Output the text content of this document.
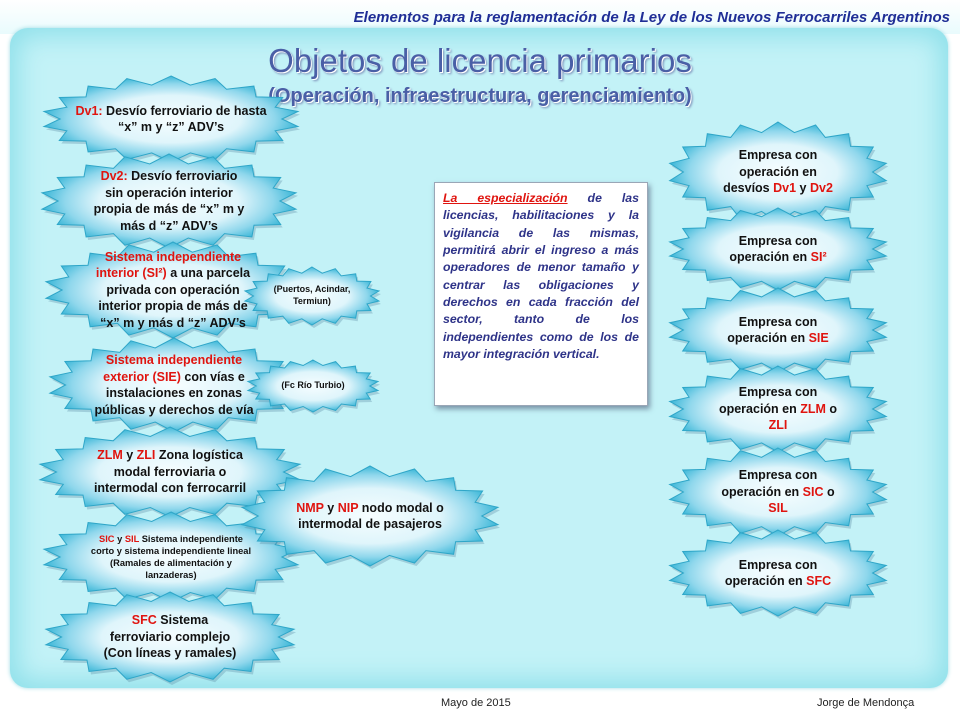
Elementos para la reglamentación de la Ley de los Nuevos Ferrocarriles Argentinos
Objetos de licencia primarios
(Operación, infraestructura, gerenciamiento)
Dv1: Desvío ferroviario de hasta “x” m y “z” ADV’s
Dv2: Desvío ferroviario sin operación interior propia de más de “x” m y más d “z” ADV’s
Sistema independiente interior (SI²) a una parcela privada con operación interior propia de más de “x” m y más d “z” ADV’s
Sistema independiente exterior (SIE) con vías e instalaciones en zonas públicas y derechos de vía
ZLM y ZLI Zona logística modal ferroviaria o intermodal con ferrocarril
SIC y SIL Sistema independiente corto y sistema independiente lineal (Ramales de alimentación y lanzaderas)
SFC Sistema ferroviario complejo (Con líneas y ramales)
(Puertos, Acindar, Termiun)
(Fc Río Turbio)
NMP y NIP nodo modal o intermodal de pasajeros
La especialización de las licencias, habilitaciones y la vigilancia de las mismas, permitirá abrir el ingreso a más operadores de menor tamaño y centrar las obligaciones y derechos en cada fracción del sector, tanto de los independientes como de los de mayor integración vertical.
Empresa con operación en desvíos Dv1 y Dv2
Empresa con operación en SI²
Empresa con operación en SIE
Empresa con operación en ZLM o ZLI
Empresa con operación en SIC o SIL
Empresa con operación en SFC
Mayo de 2015	Jorge de Mendonça
